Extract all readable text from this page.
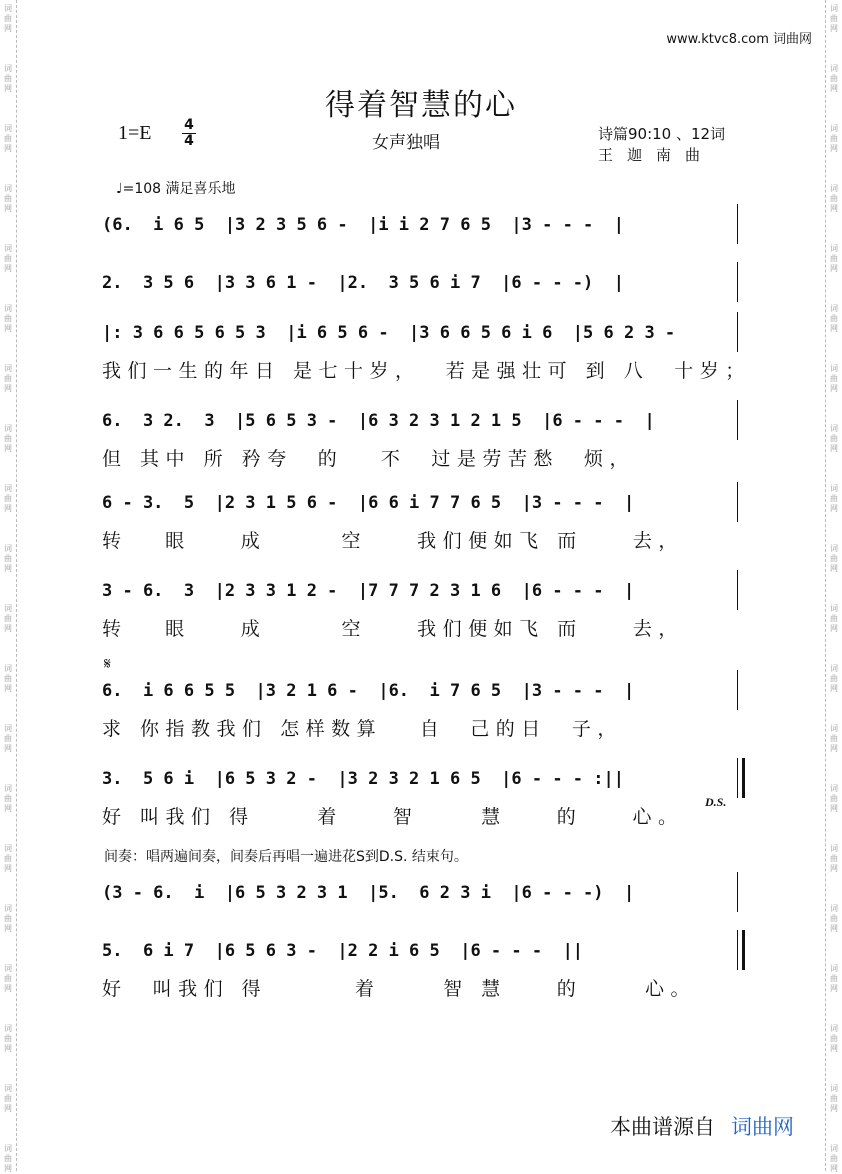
词
曲
网
词
曲
网
词
曲
网
词
曲
网
词
曲
网
词
曲
网
词
曲
网
词
曲
网
词
曲
网
词
曲
网
词
曲
网
词
曲
网
词
曲
网
词
曲
网
词
曲
网
词
曲
网
词
曲
网
词
曲
网
词
曲
网
词
曲
网
词
曲
网
词
曲
网
词
曲
网
词
曲
网
词
曲
网
词
曲
网
词
曲
网
词
曲
网
词
曲
网
词
曲
网
词
曲
网
词
曲
网
词
曲
网
词
曲
网
词
曲
网
词
曲
网
词
曲
网
词
曲
网
词
曲
网
词
曲
网
www.ktvc8.com 词曲网
得着智慧的心
1=E 4
4	女声独唱	诗篇90:10 、12词
王迦南曲
♩=108 满足喜乐地
(6.  i 6 5  |3 2 3 5 6 -  |i i 2 7 6 5  |3 - - -  |
2.  3 5 6  |3 3 6 1 -  |2.  3 5 6 i 7  |6 - - -)  |
|: 3 6 6 5 6 5 3  |i 6 5 6 -  |3 6 6 5 6 i 6  |5 6 2 3 -
我们一生的年日 是七十岁，  若是强壮可 到 八  十岁；
6.  3 2.  3  |5 6 5 3 -  |6 3 2 3 1 2 1 5  |6 - - -  |
但 其中 所 矜夸  的   不  过是劳苦愁  烦，
6 - 3.  5  |2 3 1 5 6 -  |6 6 i 7 7 6 5  |3 - - -  |
转   眼    成      空    我们便如飞 而    去，
3 - 6.  3  |2 3 3 1 2 -  |7 7 7 2 3 1 6  |6 - - -  |
转   眼    成      空    我们便如飞 而    去，
6.  i 6 6 5 5  |3 2 1 6 -  |6.  i 7 6 5  |3 - - -  |
求 你指教我们 怎样数算   自  己的日  子，
3.  5 6 i  |6 5 3 2 -  |3 2 3 2 1 6 5  |6 - - - :||
好 叫我们 得     着    智     慧    的    心。
(3 - 6.  i  |6 5 3 2 3 1  |5.  6 2 3 i  |6 - - -)  |
5.  6 i 7  |6 5 6 3 -  |2 2 i 6 5  |6 - - -  ||
好  叫我们 得       着     智 慧    的     心。
𝄋
D.S.
间奏：唱两遍间奏，间奏后再唱一遍进花S到D.S. 结束句。
本曲谱源自 词曲网
